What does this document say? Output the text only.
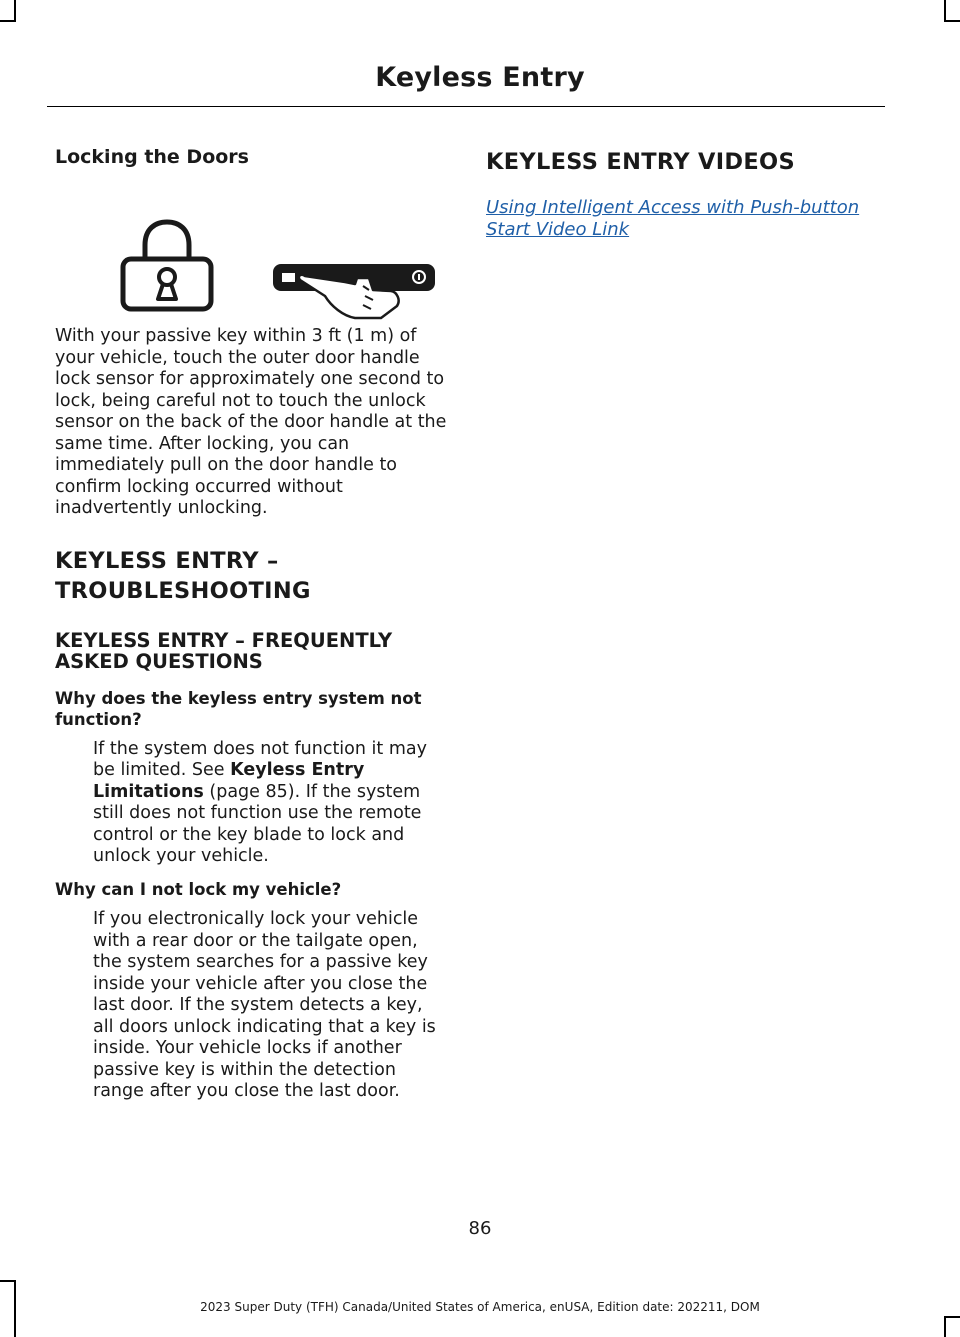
Keyless Entry
Locking the Doors

With your passive key within 3 ft (1 m) of your vehicle, touch the outer door handle lock sensor for approximately one second to lock, being careful not to touch the unlock sensor on the back of the door handle at the same time. After locking, you can immediately pull on the door handle to confirm locking occurred without inadvertently unlocking.

KEYLESS ENTRY –
TROUBLESHOOTING
KEYLESS ENTRY – FREQUENTLY ASKED QUESTIONS

Why does the keyless entry system not function?

If the system does not function it may be limited. See Keyless Entry Limitations (page 85). If the system still does not function use the remote control or the key blade to lock and unlock your vehicle.

Why can I not lock my vehicle?

If you electronically lock your vehicle with a rear door or the tailgate open, the system searches for a passive key inside your vehicle after you close the last door. If the system detects a key, all doors unlock indicating that a key is inside. Your vehicle locks if another passive key is within the detection range after you close the last door.

KEYLESS ENTRY VIDEOS
Using Intelligent Access with Push-button Start Video Link
86
2023 Super Duty (TFH) Canada/United States of America, enUSA, Edition date: 202211, DOM
